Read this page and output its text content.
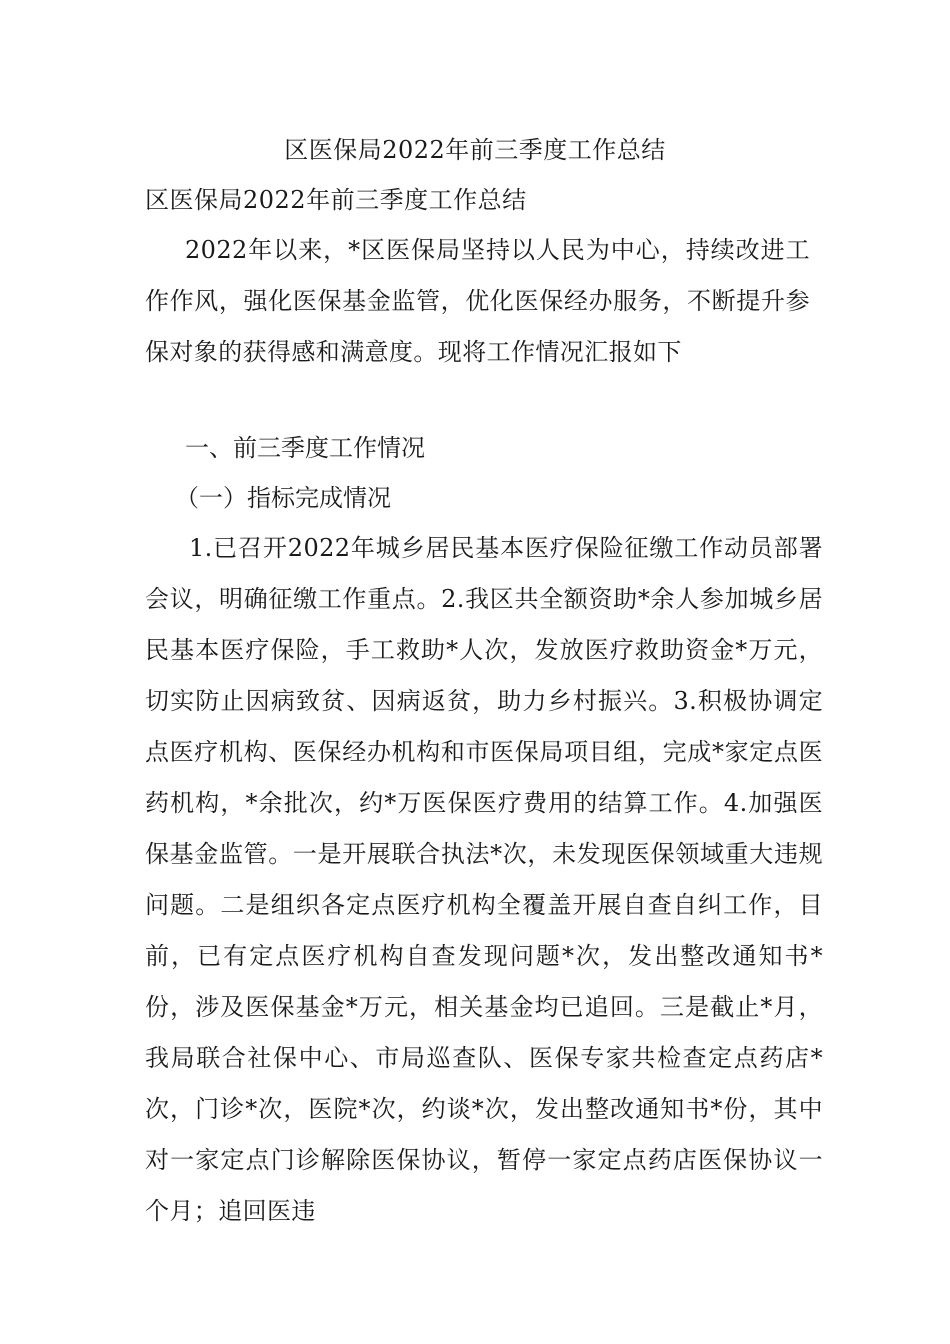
区医保局2022年前三季度工作总结
区医保局2022年前三季度工作总结

2022年以来，*区医保局坚持以人民为中心，持续改进工作作风，强化医保基金监管，优化医保经办服务，不断提升参保对象的获得感和满意度。现将工作情况汇报如下

一、前三季度工作情况
（一）指标完成情况

1.已召开2022年城乡居民基本医疗保险征缴工作动员部署会议，明确征缴工作重点。2.我区共全额资助*余人参加城乡居民基本医疗保险，手工救助*人次，发放医疗救助资金*万元，切实防止因病致贫、因病返贫，助力乡村振兴。3.积极协调定点医疗机构、医保经办机构和市医保局项目组，完成*家定点医药机构，*余批次，约*万医保医疗费用的结算工作。4.加强医保基金监管。一是开展联合执法*次，未发现医保领域重大违规问题。二是组织各定点医疗机构全覆盖开展自查自纠工作，目前，已有定点医疗机构自查发现问题*次，发出整改通知书*份，涉及医保基金*万元，相关基金均已追回。三是截止*月，我局联合社保中心、市局巡查队、医保专家共检查定点药店*次，门诊*次，医院*次，约谈*次，发出整改通知书*份，其中对一家定点门诊解除医保协议，暂停一家定点药店医保协议一个月；追回医违
